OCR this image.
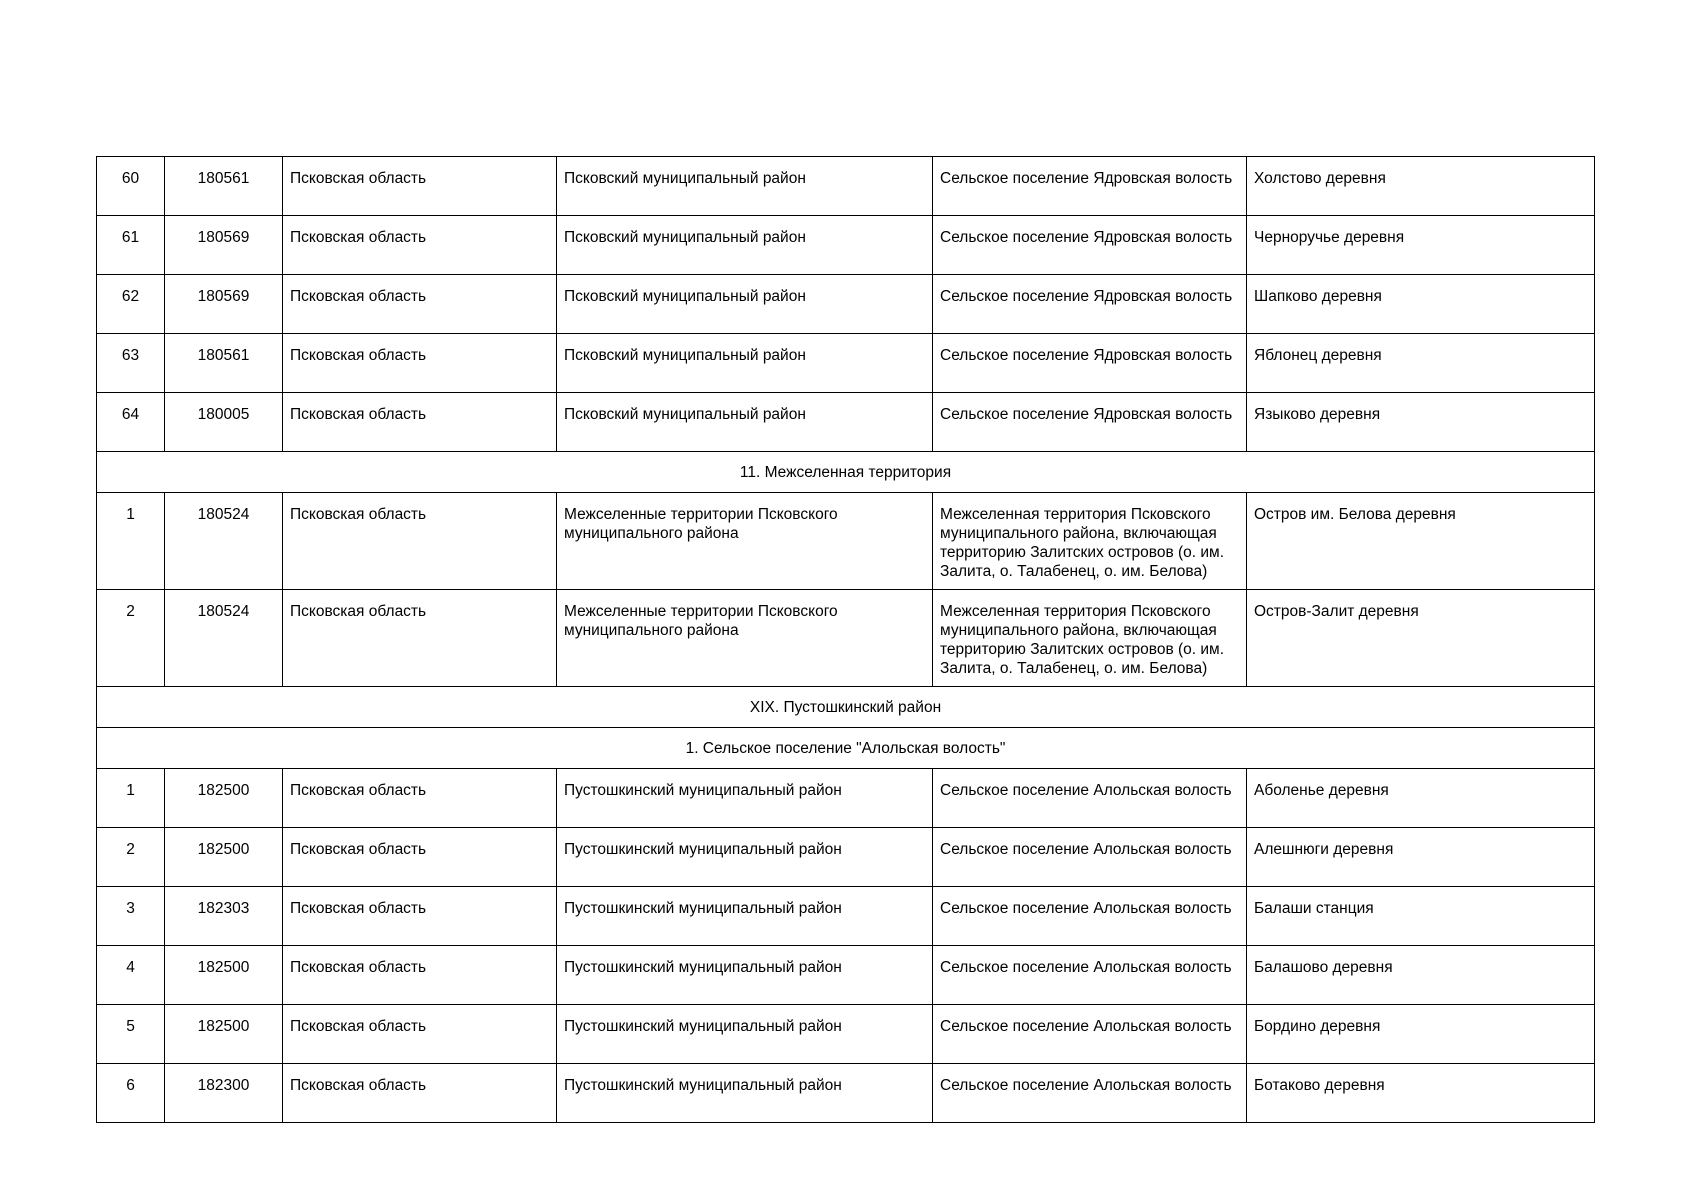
60	180561	Псковская область	Псковский муниципальный район	Сельское поселение Ядровская волость	Холстово деревня
61	180569	Псковская область	Псковский муниципальный район	Сельское поселение Ядровская волость	Черноручье деревня
62	180569	Псковская область	Псковский муниципальный район	Сельское поселение Ядровская волость	Шапково деревня
63	180561	Псковская область	Псковский муниципальный район	Сельское поселение Ядровская волость	Яблонец деревня
64	180005	Псковская область	Псковский муниципальный район	Сельское поселение Ядровская волость	Языково деревня
11. Межселенная территория					
1	180524	Псковская область	Межселенные территории Псковского муниципального района	Межселенная территория Псковского муниципального района, включающая территорию Залитских островов (о. им. Залита, о. Талабенец, о. им. Белова)	Остров им. Белова деревня
2	180524	Псковская область	Межселенные территории Псковского муниципального района	Межселенная территория Псковского муниципального района, включающая территорию Залитских островов (о. им. Залита, о. Талабенец, о. им. Белова)	Остров-Залит деревня
XIX. Пустошкинский район					
1. Сельское поселение "Алольская волость"					
1	182500	Псковская область	Пустошкинский муниципальный район	Сельское поселение Алольская волость	Аболенье деревня
2	182500	Псковская область	Пустошкинский муниципальный район	Сельское поселение Алольская волость	Алешнюги деревня
3	182303	Псковская область	Пустошкинский муниципальный район	Сельское поселение Алольская волость	Балаши станция
4	182500	Псковская область	Пустошкинский муниципальный район	Сельское поселение Алольская волость	Балашово деревня
5	182500	Псковская область	Пустошкинский муниципальный район	Сельское поселение Алольская волость	Бордино деревня
6	182300	Псковская область	Пустошкинский муниципальный район	Сельское поселение Алольская волость	Ботаково деревня
